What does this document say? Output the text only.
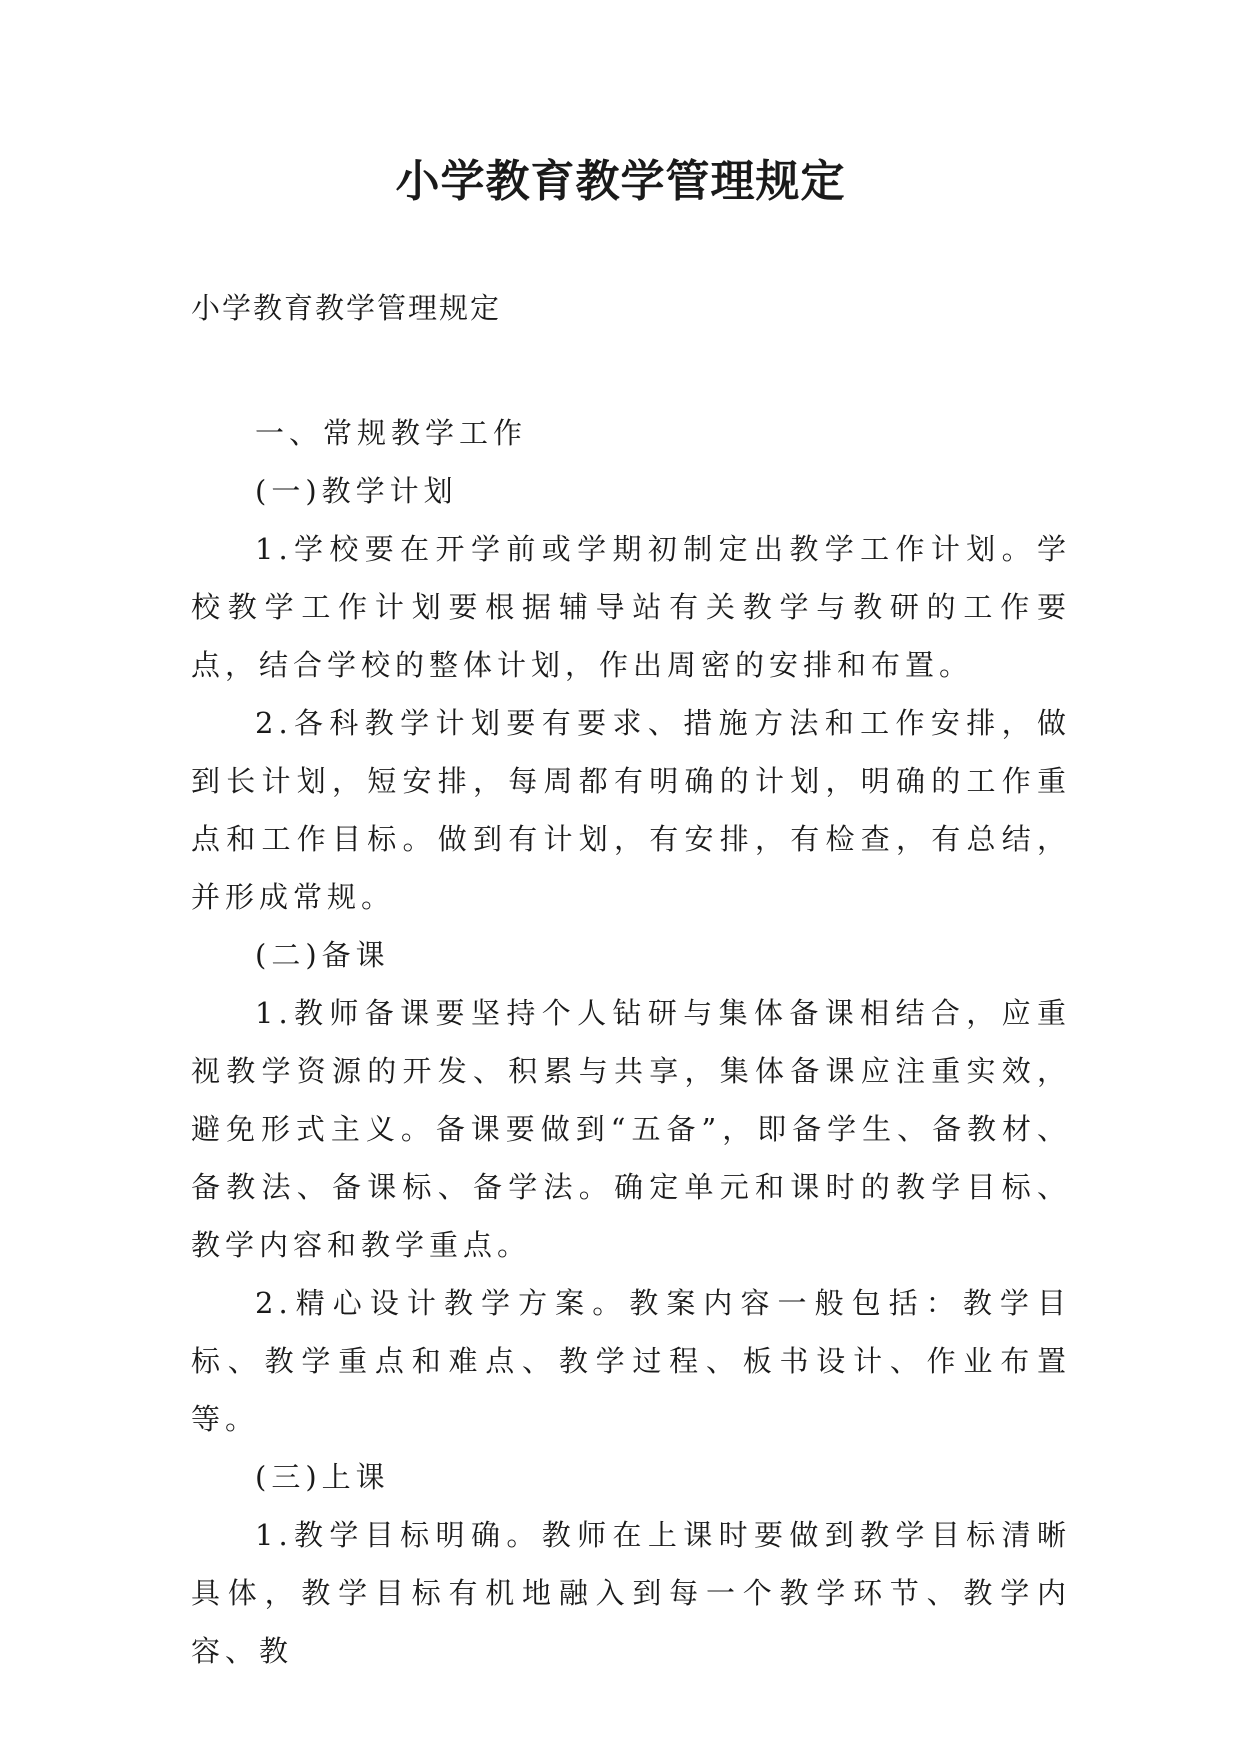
小学教育教学管理规定

小学教育教学管理规定

一、常规教学工作

(一)教学计划

1.学校要在开学前或学期初制定出教学工作计划。学校教学工作计划要根据辅导站有关教学与教研的工作要点，结合学校的整体计划，作出周密的安排和布置。

2.各科教学计划要有要求、措施方法和工作安排，做到长计划，短安排，每周都有明确的计划，明确的工作重点和工作目标。做到有计划，有安排，有检查，有总结，并形成常规。

(二)备课

1.教师备课要坚持个人钻研与集体备课相结合，应重视教学资源的开发、积累与共享，集体备课应注重实效，避免形式主义。备课要做到“五备”，即备学生、备教材、备教法、备课标、备学法。确定单元和课时的教学目标、教学内容和教学重点。

2.精心设计教学方案。教案内容一般包括：教学目标、教学重点和难点、教学过程、板书设计、作业布置等。

(三)上课

1.教学目标明确。教师在上课时要做到教学目标清晰具体，教学目标有机地融入到每一个教学环节、教学内容、教
